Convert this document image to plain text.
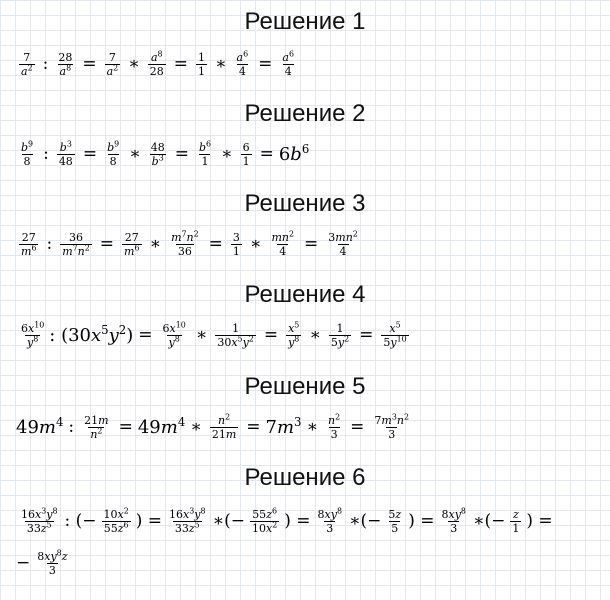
Решение 1
$\frac{7}{a^2}$ : $\frac{28}{a^8} = \frac{7}{a^2}$ ∗ $\frac{a^8}{28} = \frac{1}{1}$ ∗ $\frac{a^6}{4} = \frac{a^6}{4}$
Решение 2
$\frac{b^9}{8}$ : $\frac{b^3}{48} = \frac{b^9}{8}$ ∗ $\frac{48}{b^3} = \frac{b^6}{1}$ ∗ $\frac{6}{1} = 6b^6$
Решение 3
$\frac{27}{m^6}$ : $\frac{36}{m^7n^2} = \frac{27}{m^6}$ ∗ $\frac{m^7n^2}{36} = \frac{3}{1}$ ∗ $\frac{mn^2}{4} = \frac{3mn^2}{4}$
Решение 4
$\frac{6x^{10}}{y^8}$ : $(30x^5y^2) = \frac{6x^{10}}{y^8}$ ∗ $\frac{1}{30x^5y^2} = \frac{x^5}{y^8}$ ∗ $\frac{1}{5y^2} = \frac{x^5}{5y^{10}}$
Решение 5
$49m^4$ : $\frac{21m}{n^2} = 49m^4$ ∗ $\frac{n^2}{21m} = 7m^3$ ∗ $\frac{n^2}{3} = \frac{7m^3n^2}{3}$
Решение 6
$\frac{16x^3y^8}{33z^5}$ : (− $\frac{10x^2}{55z^6}$ ) = $\frac{16x^3y^8}{33z^5}$ ∗(− $\frac{55z^6}{10x^2}$ ) = $\frac{8xy^8}{3}$ ∗(− $\frac{5z}{5}$ ) = $\frac{8xy^8}{3}$ ∗(− $\frac{z}{1}$ ) =
− $\frac{8xy^8z}{3}$
